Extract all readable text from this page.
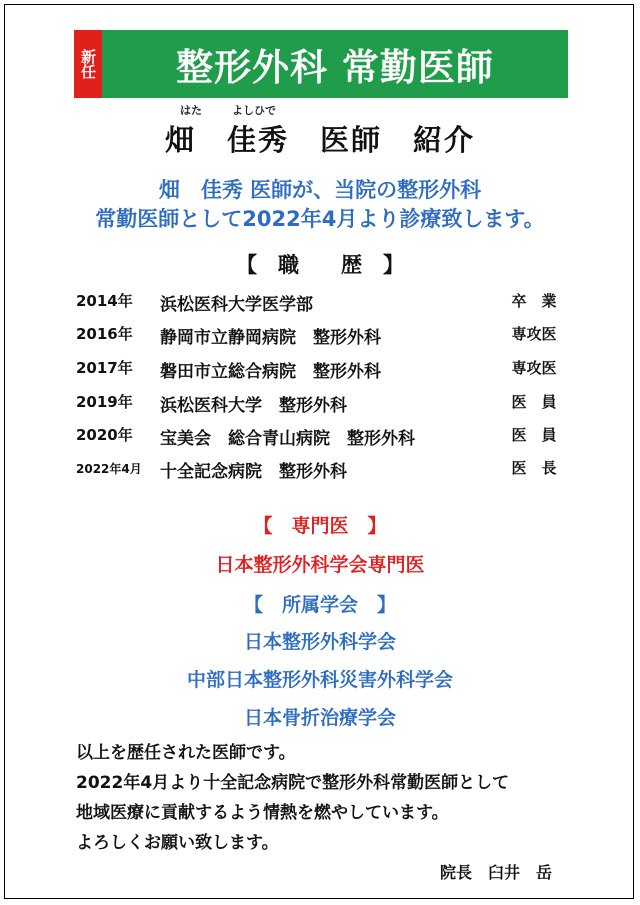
新任	整形外科 常勤医師
はた	よしひで
畑　佳秀　医師　紹介
畑　佳秀 医師が、当院の整形外科
常勤医師として2022年4月より診療致します。
【　職　　歴　】
2014年 浜松医科大学医学部	卒　業
2016年 静岡市立静岡病院　整形外科	専攻医
2017年 磐田市立総合病院　整形外科	専攻医
2019年 浜松医科大学　整形外科	医　員
2020年 宝美会　総合青山病院　整形外科	医　員
2022年4月 十全記念病院　整形外科	医　長
【　専門医　】
日本整形外科学会専門医
【　所属学会　】
日本整形外科学会
中部日本整形外科災害外科学会
日本骨折治療学会
以上を歴任された医師です。
2022年4月より十全記念病院で整形外科常勤医師として
地域医療に貢献するよう情熱を燃やしています。
よろしくお願い致します。
院長　臼井　岳
